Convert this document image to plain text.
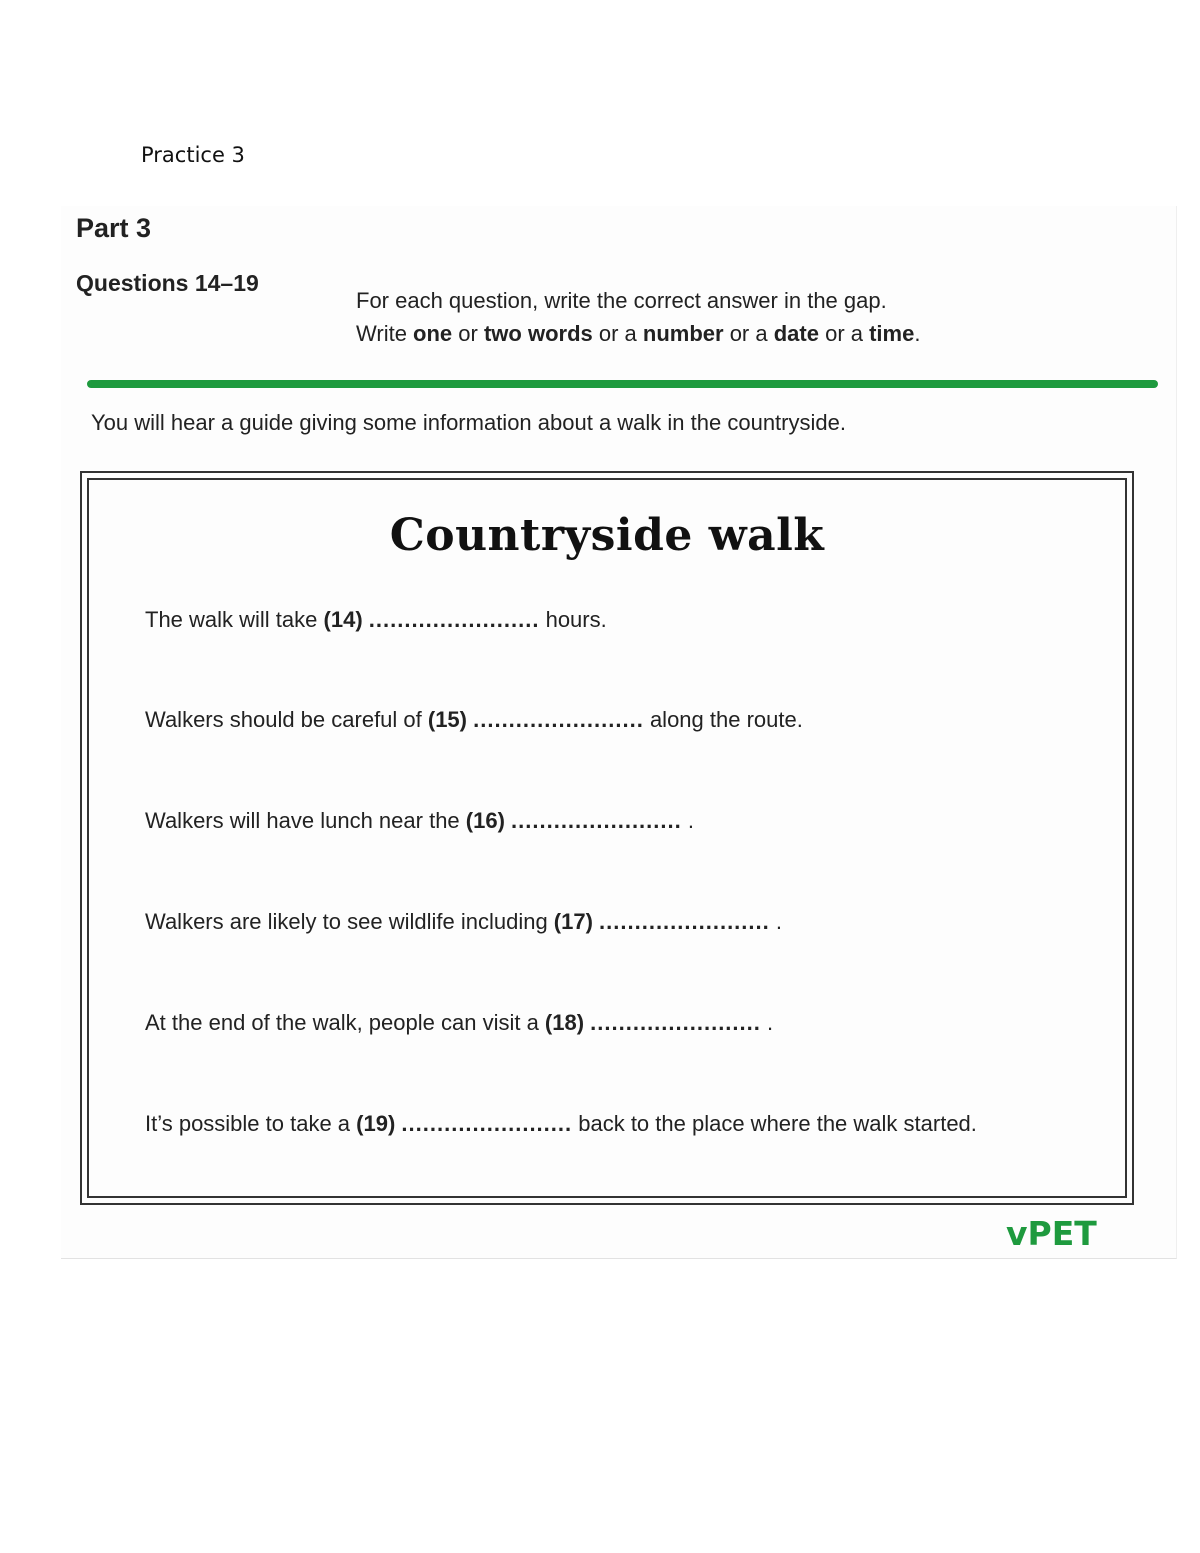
Practice 3
Part 3
Questions 14–19
For each question, write the correct answer in the gap.
Write one or two words or a number or a date or a time.
You will hear a guide giving some information about a walk in the countryside.
Countryside walk
The walk will take (14) ........................ hours.
Walkers should be careful of (15) ........................ along the route.
Walkers will have lunch near the (16) ........................ .
Walkers are likely to see wildlife including (17) ........................ .
At the end of the walk, people can visit a (18) ........................ .
It’s possible to take a (19) ........................ back to the place where the walk started.
vPET
